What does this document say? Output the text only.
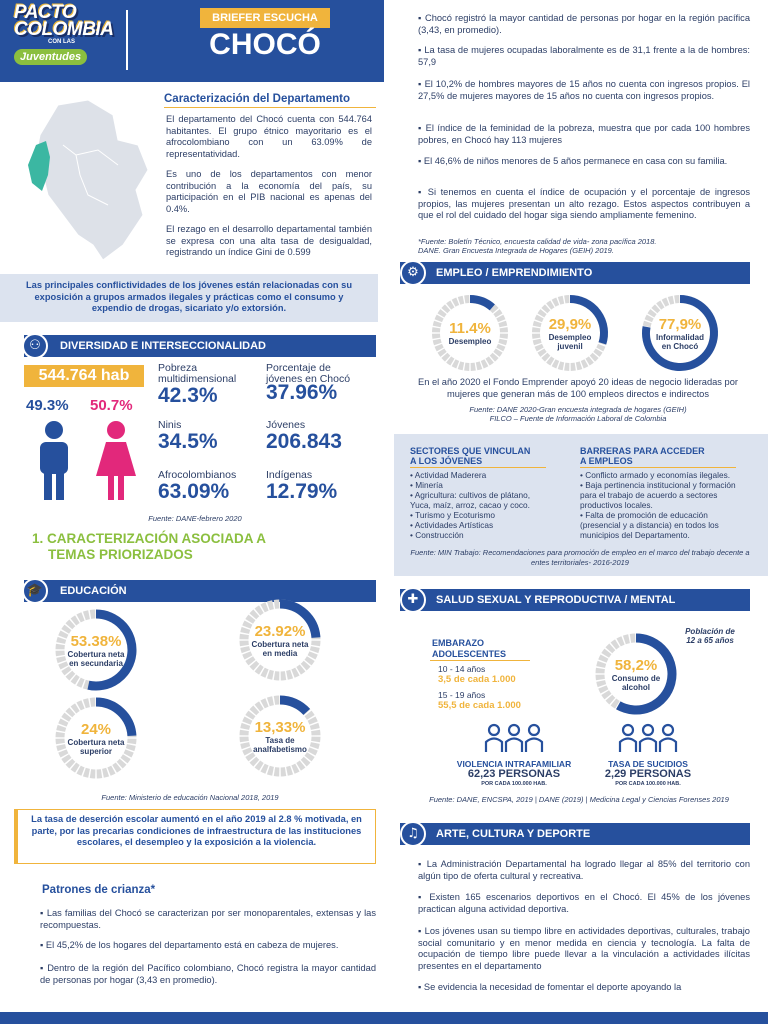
PACTO
COLOMBIA
CON LAS
Juventudes
BRIEFER ESCUCHA
CHOCÓ
Caracterización del Departamento
El departamento del Chocó cuenta con 544.764 habitantes. El grupo étnico mayoritario es el afrocolombiano con un 63.09% de representatividad.
Es uno de los departamentos con menor contribución a la economía del país, su participación en el PIB nacional es apenas del 0.4%.
El rezago en el desarrollo departamental también se expresa con una alta tasa de desigualdad, registrando un índice Gini de 0.599
Las principales conflictividades de los jóvenes están relacionadas con su exposición a grupos armados ilegales y prácticas como el consumo y expendio de drogas, sicariato y/o extorsión.
DIVERSIDAD E INTERSECCIONALIDAD
⚇
544.764 hab
49.3% 50.7%
Pobreza multidimensional
42.3%
Porcentaje de jóvenes en Chocó
37.96%
Ninis
34.5%
Jóvenes
206.843
Afrocolombianos
63.09%
Indígenas
12.79%
Fuente: DANE-febrero 2020
1. CARACTERIZACIÓN ASOCIADA A
TEMAS PRIORIZADOS
EDUCACIÓN
🎓
53.38%
Cobertura neta
en secundaria
23.92%
Cobertura neta
en media
24%
Cobertura neta
superior
13,33%
Tasa de
analfabetismo
Fuente: Ministerio de educación Nacional 2018, 2019
La tasa de deserción escolar aumentó en el año 2019 al 2.8 % motivada, en parte, por las precarias condiciones de infraestructura de las instituciones escolares, el desempleo y la exposición a la violencia.
Patrones de crianza*
▪ Las familias del Chocó se caracterizan por ser monoparentales, extensas y las recompuestas.
▪ El 45,2% de los hogares del departamento está en cabeza de mujeres.
▪ Dentro de la región del Pacífico colombiano, Chocó registra la mayor cantidad de personas por hogar (3,43 en promedio).
▪ Chocó registró la mayor cantidad de personas por hogar en la región pacífica (3,43, en promedio).
▪ La tasa de mujeres ocupadas laboralmente es de 31,1 frente a la de hombres: 57,9
▪ El 10,2% de hombres mayores de 15 años no cuenta con ingresos propios. El 27,5% de mujeres mayores de 15 años no cuenta con ingresos propios.
▪ El índice de la feminidad de la pobreza, muestra que por cada 100 hombres pobres, en Chocó hay 113 mujeres
▪ El 46,6% de niños menores de 5 años permanece en casa con su familia.
▪ Si tenemos en cuenta el índice de ocupación y el porcentaje de ingresos propios, las mujeres presentan un alto rezago. Estos aspectos contribuyen a que el rol del cuidado del hogar siga siendo ampliamente femenino.
*Fuente: Boletín Técnico, encuesta calidad de vida- zona pacífica 2018.
DANE. Gran Encuesta Integrada de Hogares (GEIH) 2019.
EMPLEO / EMPRENDIMIENTO
⚙
11.4%
Desempleo
29,9%
Desempleo
juvenil
77,9%
Informalidad
en Chocó
En el año 2020 el Fondo Emprender apoyó 20 ideas de negocio lideradas por mujeres que generan más de 100 empleos directos e indirectos
Fuente: DANE 2020-Gran encuesta integrada de hogares (GEIH)
FILCO – Fuente de Información Laboral de Colombia
SECTORES QUE VINCULAN
A LOS JÓVENES
• Actividad Maderera
• Minería
• Agricultura: cultivos de plátano, Yuca, maíz, arroz, cacao y coco.
• Turismo y Ecoturismo
• Actividades Artísticas
• Construcción
BARRERAS PARA ACCEDER
A EMPLEOS
• Conflicto armado y economías ilegales.
• Baja pertinencia institucional y formación para el trabajo de acuerdo a sectores productivos locales.
• Falta de promoción de educación (presencial y a distancia) en todos los municipios del Departamento.
Fuente: MIN Trabajo: Recomendaciones para promoción de empleo en el marco del trabajo decente a entes territoriales- 2016-2019
SALUD SEXUAL Y REPRODUCTIVA / MENTAL
✚
EMBARAZO
ADOLESCENTES
10 - 14 años
3,5 de cada 1.000
15 - 19 años
55,5 de cada 1.000
Población de
12 a 65 años
58,2%
Consumo de
alcohol
VIOLENCIA INTRAFAMILIAR
62,23 PERSONAS
POR CADA 100.000 HAB.
TASA DE SUCIDIOS
2,29 PERSONAS
POR CADA 100.000 HAB.
Fuente: DANE, ENCSPA, 2019 | DANE (2019) | Medicina Legal y Ciencias Forenses 2019
ARTE, CULTURA Y DEPORTE
♫
▪ La Administración Departamental ha logrado llegar al 85% del territorio con algún tipo de oferta cultural y recreativa.
▪ Existen 165 escenarios deportivos en el Chocó. El 45% de los jóvenes practican alguna actividad deportiva.
▪ Los jóvenes usan su tiempo libre en actividades deportivas, culturales, trabajo social comunitario y en menor medida en ciencia y tecnología. La falta de ocupación de tiempo libre puede llevar a la vinculación a actividades ilícitas presentes en el departamento
▪ Se evidencia la necesidad de fomentar el deporte apoyando la
